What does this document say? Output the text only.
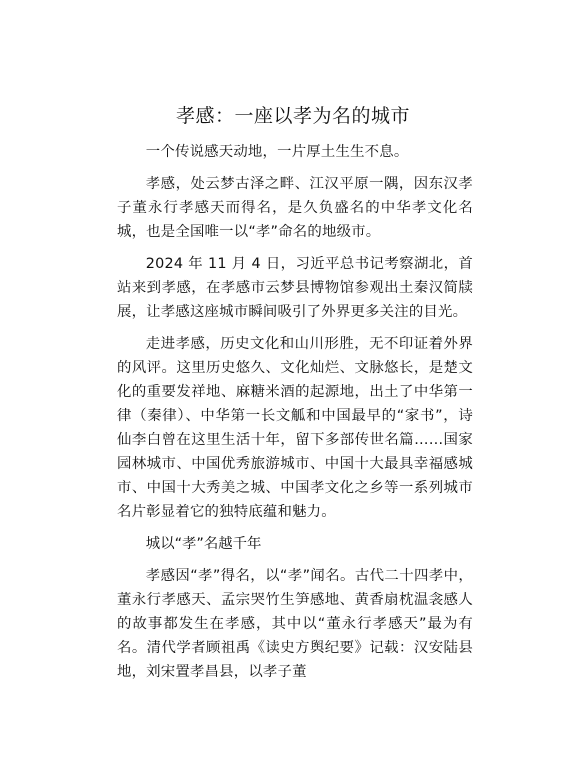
孝感：一座以孝为名的城市

一个传说感天动地，一片厚土生生不息。

孝感，处云梦古泽之畔、江汉平原一隅，因东汉孝子董永行孝感天而得名，是久负盛名的中华孝文化名城，也是全国唯一以“孝”命名的地级市。

2024 年 11 月 4 日，习近平总书记考察湖北，首站来到孝感，在孝感市云梦县博物馆参观出土秦汉简牍展，让孝感这座城市瞬间吸引了外界更多关注的目光。

走进孝感，历史文化和山川形胜，无不印证着外界的风评。这里历史悠久、文化灿烂、文脉悠长，是楚文化的重要发祥地、麻糖米酒的起源地，出土了中华第一律（秦律）、中华第一长文觚和中国最早的“家书”，诗仙李白曾在这里生活十年，留下多部传世名篇……国家园林城市、中国优秀旅游城市、中国十大最具幸福感城市、中国十大秀美之城、中国孝文化之乡等一系列城市名片彰显着它的独特底蕴和魅力。

城以“孝”名越千年

孝感因“孝”得名，以“孝”闻名。古代二十四孝中，董永行孝感天、孟宗哭竹生笋感地、黄香扇枕温衾感人的故事都发生在孝感，其中以“董永行孝感天”最为有名。清代学者顾祖禹《读史方舆纪要》记载：汉安陆县地，刘宋置孝昌县，以孝子董
